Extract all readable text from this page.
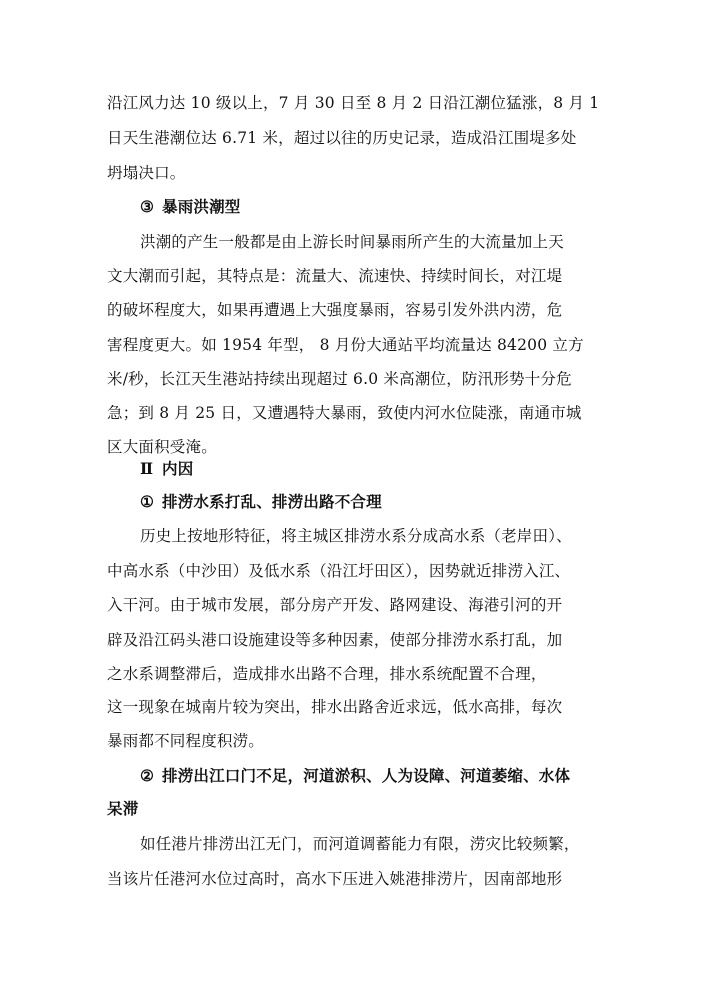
沿江风力达 10 级以上，7 月 30 日至 8 月 2 日沿江潮位猛涨，8 月 1
日天生港潮位达 6.71 米，超过以往的历史记录，造成沿江围堤多处
坍塌决口。
③ 暴雨洪潮型
洪潮的产生一般都是由上游长时间暴雨所产生的大流量加上天
文大潮而引起，其特点是：流量大、流速快、持续时间长，对江堤
的破坏程度大，如果再遭遇上大强度暴雨，容易引发外洪内涝，危
害程度更大。如 1954 年型， 8 月份大通站平均流量达 84200 立方
米/秒，长江天生港站持续出现超过 6.0 米高潮位，防汛形势十分危
急；到 8 月 25 日，又遭遇特大暴雨，致使内河水位陡涨，南通市城
区大面积受淹。
Ⅱ 内因
① 排涝水系打乱、排涝出路不合理
历史上按地形特征，将主城区排涝水系分成高水系（老岸田）、
中高水系（中沙田）及低水系（沿江圩田区），因势就近排涝入江、
入干河。由于城市发展，部分房产开发、路网建设、海港引河的开
辟及沿江码头港口设施建设等多种因素，使部分排涝水系打乱，加
之水系调整滞后，造成排水出路不合理，排水系统配置不合理，
这一现象在城南片较为突出，排水出路舍近求远，低水高排，每次
暴雨都不同程度积涝。
② 排涝出江口门不足，河道淤积、人为设障、河道萎缩、水体
呆滞
如任港片排涝出江无门，而河道调蓄能力有限，涝灾比较频繁，
当该片任港河水位过高时，高水下压进入姚港排涝片，因南部地形
